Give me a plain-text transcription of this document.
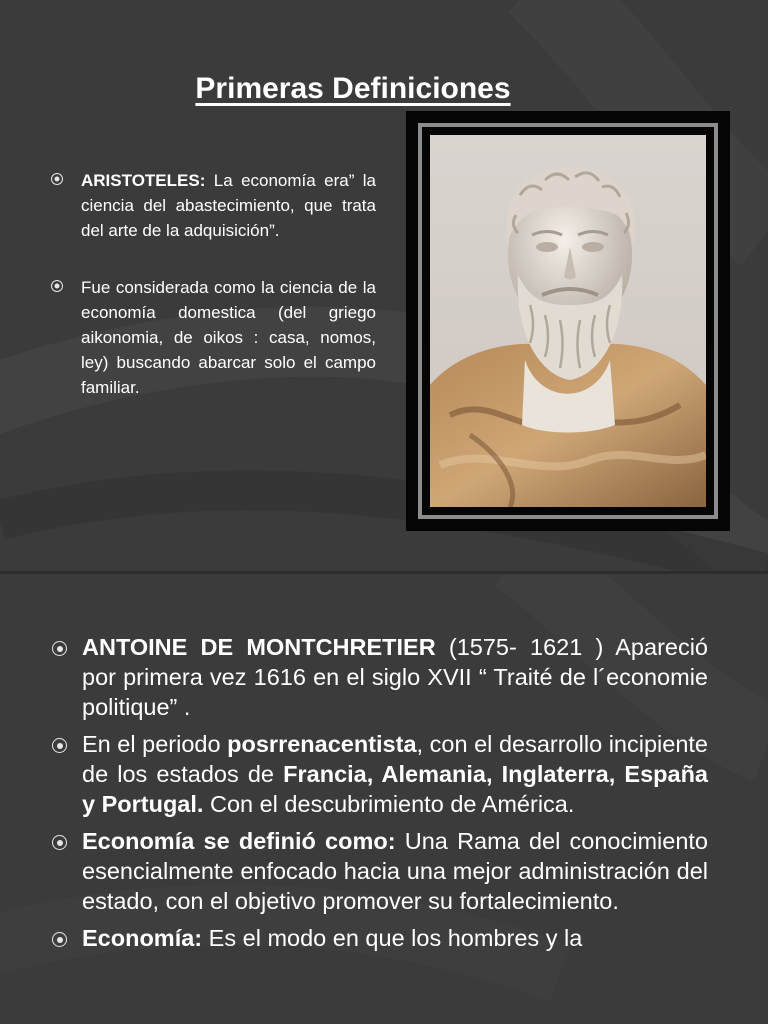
Primeras Definiciones
ARISTOTELES: La economía era” la ciencia del abastecimiento, que trata del arte de la adquisición”.
Fue considerada como la ciencia de la economía domestica (del griego aikonomia, de oikos : casa, nomos, ley) buscando abarcar solo el campo familiar.
ANTOINE DE MONTCHRETIER (1575- 1621 ) Apareció por primera vez 1616 en el siglo XVII “ Traité de l´economie politique” .
En el periodo posrrenacentista, con el desarrollo incipiente de los estados de Francia, Alemania, Inglaterra, España y Portugal. Con el descubrimiento de América.
Economía se definió como: Una Rama del conocimiento esencialmente enfocado hacia una mejor administración del estado, con el objetivo promover su fortalecimiento.
Economía: Es el modo en que los hombres y la
